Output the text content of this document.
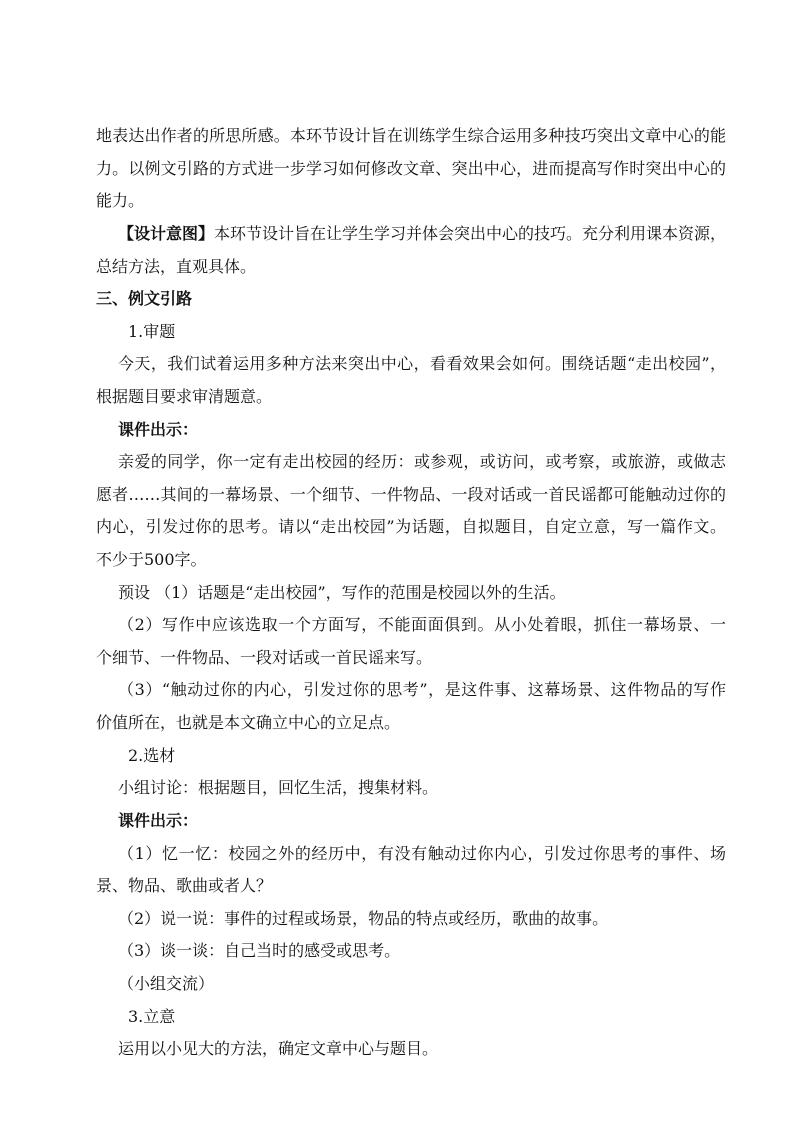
地表达出作者的所思所感。本环节设计旨在训练学生综合运用多种技巧突出文章中心的能
力。以例文引路的方式进一步学习如何修改文章、突出中心，进而提高写作时突出中心的
能力。
【设计意图】本环节设计旨在让学生学习并体会突出中心的技巧。充分利用课本资源，
总结方法，直观具体。
三、例文引路
1.审题
今天，我们试着运用多种方法来突出中心，看看效果会如何。围绕话题“走出校园”，
根据题目要求审清题意。
课件出示：
亲爱的同学，你一定有走出校园的经历：或参观，或访问，或考察，或旅游，或做志
愿者……其间的一幕场景、一个细节、一件物品、一段对话或一首民谣都可能触动过你的
内心，引发过你的思考。请以“走出校园”为话题，自拟题目，自定立意，写一篇作文。
不少于500字。
预设 （1）话题是“走出校园”，写作的范围是校园以外的生活。
（2）写作中应该选取一个方面写，不能面面俱到。从小处着眼，抓住一幕场景、一
个细节、一件物品、一段对话或一首民谣来写。
（3）“触动过你的内心，引发过你的思考”，是这件事、这幕场景、这件物品的写作
价值所在，也就是本文确立中心的立足点。
2.选材
小组讨论：根据题目，回忆生活，搜集材料。
课件出示：
（1）忆一忆：校园之外的经历中，有没有触动过你内心，引发过你思考的事件、场
景、物品、歌曲或者人？
（2）说一说：事件的过程或场景，物品的特点或经历，歌曲的故事。
（3）谈一谈：自己当时的感受或思考。
（小组交流）
3.立意
运用以小见大的方法，确定文章中心与题目。
